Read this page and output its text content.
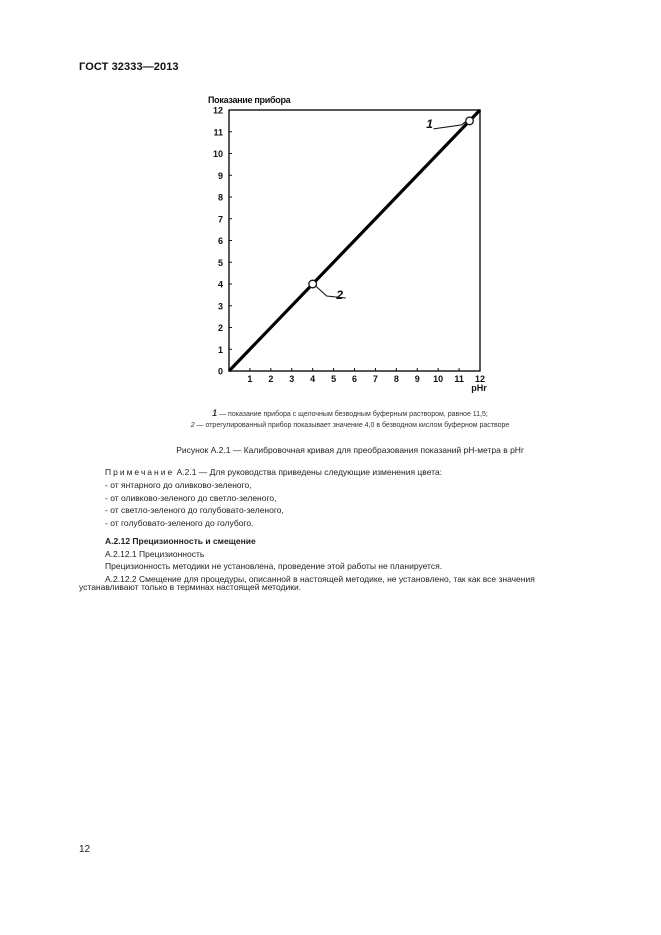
ГОСТ 32333—2013
Показание прибора
pHr
1 2 3 4 5 6 7 8 9 10 11 12
0
1
2
3
4
5
6
7
8
9
10
11
12
1
2
1 — показание прибора с щелочным безводным буферным раствором, равное 11,5;
2 — отрегулированный прибор показывает значение 4,0 в безводном кислом буферном растворе
Рисунок А.2.1 — Калибровочная кривая для преобразования показаний pH-метра в pHr
Примечание А.2.1 — Для руководства приведены следующие изменения цвета:
- от янтарного до оливково-зеленого,
- от оливково-зеленого до светло-зеленого,
- от светло-зеленого до голубовато-зеленого,
- от голубовато-зеленого до голубого.
А.2.12 Прецизионность и смещение
А.2.12.1 Прецизионность
Прецизионность методики не установлена, проведение этой работы не планируется.
А.2.12.2 Смещение для процедуры, описанной в настоящей методике, не установлено, так как все значения
устанавливают только в терминах настоящей методики.
12
